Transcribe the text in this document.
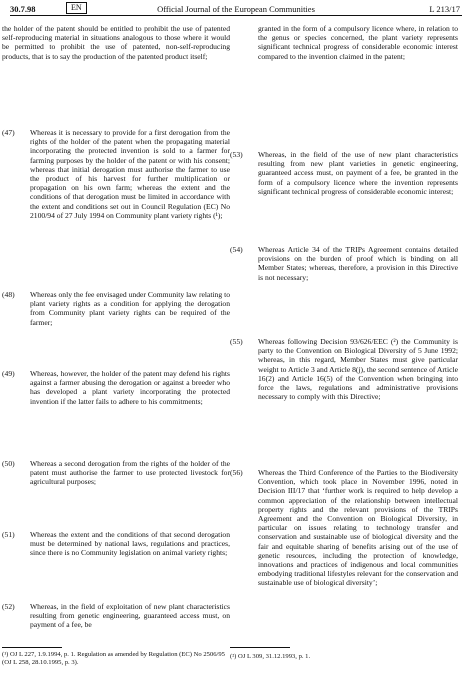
30.7.98	EN	Official Journal of the European Communities	L 213/17
the holder of the patent should be entitled to prohibit the use of patented self-reproducing material in situations analogous to those where it would be permitted to prohibit the use of patented, non-self-reproducing products, that is to say the production of the patented product itself;
(47)	Whereas it is necessary to provide for a first derogation from the rights of the holder of the patent when the propagating material incorporating the protected invention is sold to a farmer for farming purposes by the holder of the patent or with his consent; whereas that initial derogation must authorise the farmer to use the product of his harvest for further multiplication or propagation on his own farm; whereas the extent and the conditions of that derogation must be limited in accordance with the extent and conditions set out in Council Regulation (EC) No 2100/94 of 27 July 1994 on Community plant variety rights (¹);
(48)	Whereas only the fee envisaged under Community law relating to plant variety rights as a condition for applying the derogation from Community plant variety rights can be required of the farmer;
(49)	Whereas, however, the holder of the patent may defend his rights against a farmer abusing the derogation or against a breeder who has developed a plant variety incorporating the protected invention if the latter fails to adhere to his commitments;
(50)	Whereas a second derogation from the rights of the holder of the patent must authorise the farmer to use protected livestock for agricultural purposes;
(51)	Whereas the extent and the conditions of that second derogation must be determined by national laws, regulations and practices, since there is no Community legislation on animal variety rights;
(52)	Whereas, in the field of exploitation of new plant characteristics resulting from genetic engineering, guaranteed access must, on payment of a fee, be
(¹) OJ L 227, 1.9.1994, p. 1. Regulation as amended by Regulation (EC) No 2506/95 (OJ L 258, 28.10.1995, p. 3).
granted in the form of a compulsory licence where, in relation to the genus or species concerned, the plant variety represents significant technical progress of considerable economic interest compared to the invention claimed in the patent;
(53)	Whereas, in the field of the use of new plant characteristics resulting from new plant varieties in genetic engineering, guaranteed access must, on payment of a fee, be granted in the form of a compulsory licence where the invention represents significant technical progress of considerable economic interest;
(54)	Whereas Article 34 of the TRIPs Agreement contains detailed provisions on the burden of proof which is binding on all Member States; whereas, therefore, a provision in this Directive is not necessary;
(55)	Whereas following Decision 93/626/EEC (²) the Community is party to the Convention on Biological Diversity of 5 June 1992; whereas, in this regard, Member States must give particular weight to Article 3 and Article 8(j), the second sentence of Article 16(2) and Article 16(5) of the Convention when bringing into force the laws, regulations and administrative provisions necessary to comply with this Directive;
(56)	Whereas the Third Conference of the Parties to the Biodiversity Convention, which took place in November 1996, noted in Decision III/17 that ‘further work is required to help develop a common appreciation of the relationship between intellectual property rights and the relevant provisions of the TRIPs Agreement and the Convention on Biological Diversity, in particular on issues relating to technology transfer and conservation and sustainable use of biological diversity and the fair and equitable sharing of benefits arising out of the use of genetic resources, including the protection of knowledge, innovations and practices of indigenous and local communities embodying traditional lifestyles relevant for the conservation and sustainable use of biological diversity’;
(²) OJ L 309, 31.12.1993, p. 1.
